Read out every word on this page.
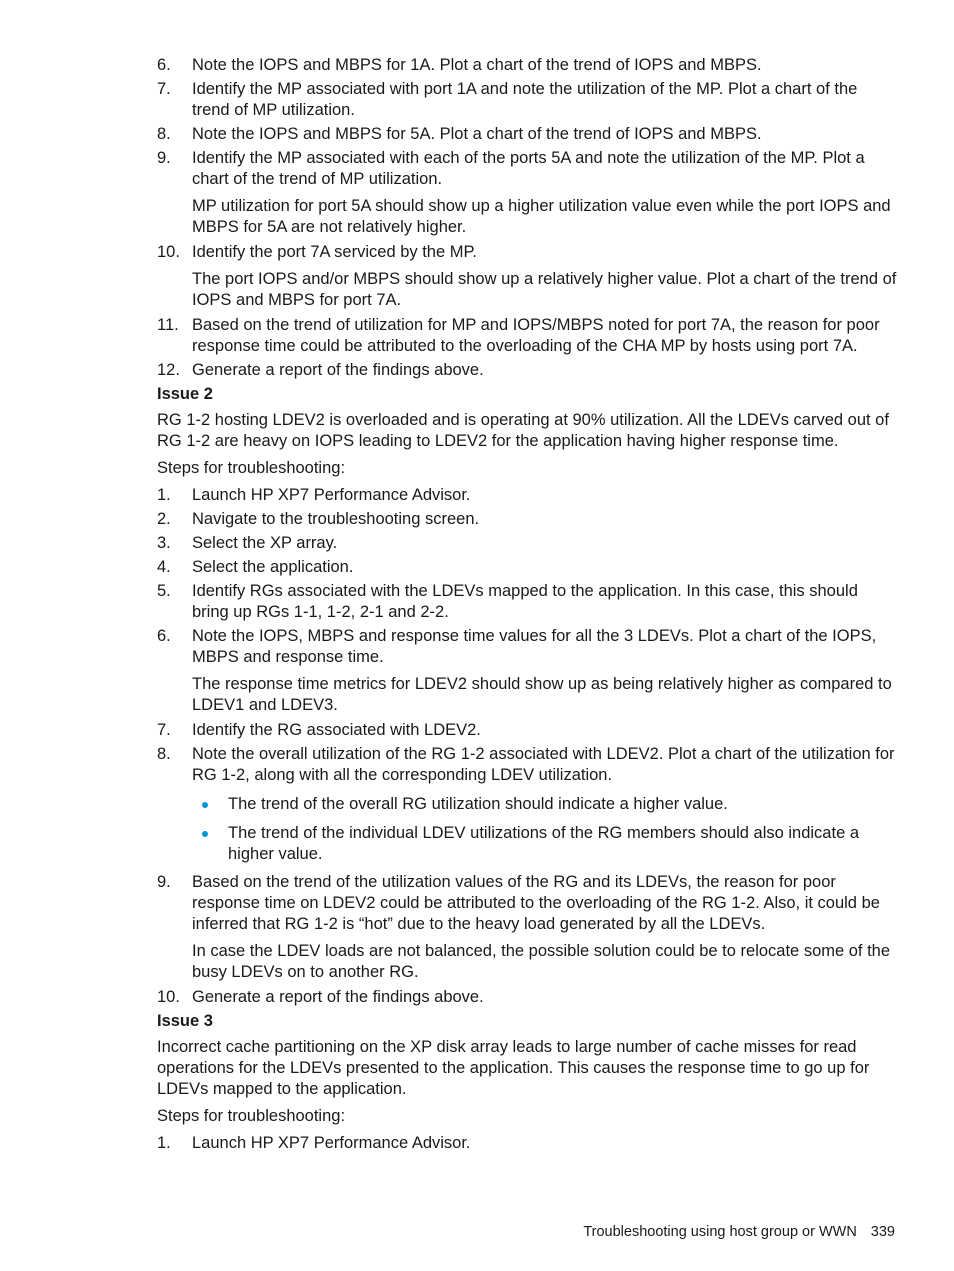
6.	Note the IOPS and MBPS for 1A. Plot a chart of the trend of IOPS and MBPS.
7.	Identify the MP associated with port 1A and note the utilization of the MP. Plot a chart of the trend of MP utilization.
8.	Note the IOPS and MBPS for 5A. Plot a chart of the trend of IOPS and MBPS.
9.	Identify the MP associated with each of the ports 5A and note the utilization of the MP. Plot a chart of the trend of MP utilization.
MP utilization for port 5A should show up a higher utilization value even while the port IOPS and MBPS for 5A are not relatively higher.
10. Identify the port 7A serviced by the MP.
The port IOPS and/or MBPS should show up a relatively higher value. Plot a chart of the trend of IOPS and MBPS for port 7A.
11. Based on the trend of utilization for MP and IOPS/MBPS noted for port 7A, the reason for poor response time could be attributed to the overloading of the CHA MP by hosts using port 7A.
12. Generate a report of the findings above.
Issue 2
RG 1-2 hosting LDEV2 is overloaded and is operating at 90% utilization. All the LDEVs carved out of RG 1-2 are heavy on IOPS leading to LDEV2 for the application having higher response time.
Steps for troubleshooting:
1.	Launch HP XP7 Performance Advisor.
2.	Navigate to the troubleshooting screen.
3.	Select the XP array.
4.	Select the application.
5.	Identify RGs associated with the LDEVs mapped to the application. In this case, this should bring up RGs 1-1, 1-2, 2-1 and 2-2.
6.	Note the IOPS, MBPS and response time values for all the 3 LDEVs. Plot a chart of the IOPS, MBPS and response time.
The response time metrics for LDEV2 should show up as being relatively higher as compared to LDEV1 and LDEV3.
7.	Identify the RG associated with LDEV2.
8.	Note the overall utilization of the RG 1-2 associated with LDEV2. Plot a chart of the utilization for RG 1-2, along with all the corresponding LDEV utilization.
The trend of the overall RG utilization should indicate a higher value.
The trend of the individual LDEV utilizations of the RG members should also indicate a higher value.
9.	Based on the trend of the utilization values of the RG and its LDEVs, the reason for poor response time on LDEV2 could be attributed to the overloading of the RG 1-2. Also, it could be inferred that RG 1-2 is “hot” due to the heavy load generated by all the LDEVs.
In case the LDEV loads are not balanced, the possible solution could be to relocate some of the busy LDEVs on to another RG.
10. Generate a report of the findings above.
Issue 3
Incorrect cache partitioning on the XP disk array leads to large number of cache misses for read operations for the LDEVs presented to the application. This causes the response time to go up for LDEVs mapped to the application.
Steps for troubleshooting:
1.	Launch HP XP7 Performance Advisor.
Troubleshooting using host group or WWN 339
